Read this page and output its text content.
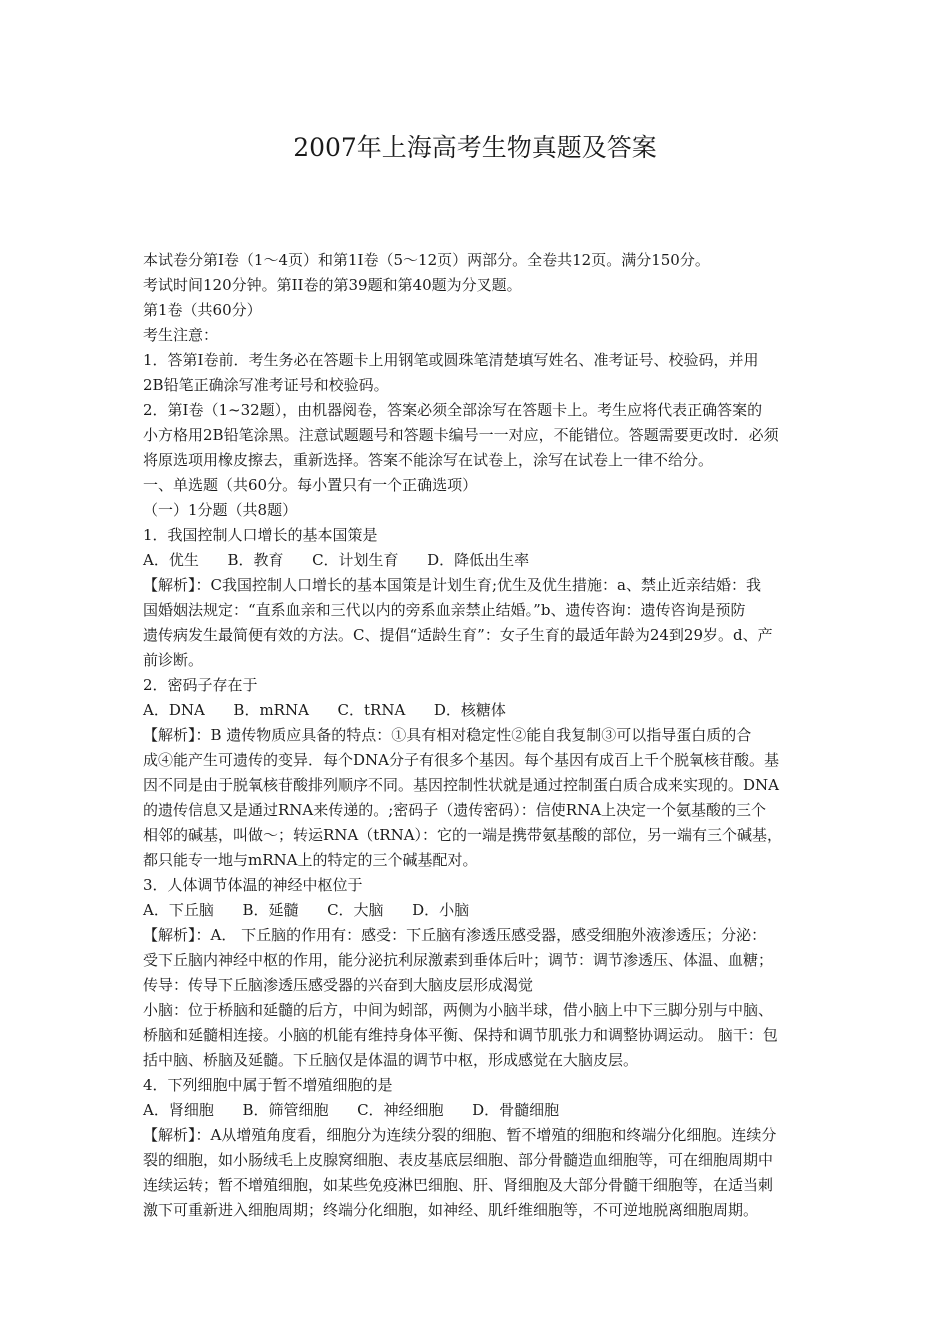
2007年上海高考生物真题及答案

本试卷分第Ⅰ卷（1～4页）和第1I卷（5～12页）两部分。全卷共12页。满分150分。

考试时间120分钟。第II卷的第39题和第40题为分叉题。

第1卷（共60分）

考生注意：

1．答第Ⅰ卷前．考生务必在答题卡上用钢笔或圆珠笔清楚填写姓名、准考证号、校验码，并用

2B铅笔正确涂写准考证号和校验码。

2．第Ⅰ卷（1~32题），由机器阅卷，答案必须全部涂写在答题卡上。考生应将代表正确答案的

小方格用2B铅笔涂黑。注意试题题号和答题卡编号一一对应，不能错位。答题需要更改时．必须

将原选项用橡皮擦去，重新选择。答案不能涂写在试卷上，涂写在试卷上一律不给分。

一、单选题（共60分。每小置只有一个正确选项）

（一）1分题（共8题）

1．我国控制人口增长的基本国策是

A．优生      B．教育      C．计划生育      D．降低出生率

【解析】：C我国控制人口增长的基本国策是计划生育;优生及优生措施：a、禁止近亲结婚：我

国婚姻法规定：“直系血亲和三代以内的旁系血亲禁止结婚。”b、遗传咨询：遗传咨询是预防

遗传病发生最简便有效的方法。C、提倡“适龄生育”：女子生育的最适年龄为24到29岁。d、产

前诊断。

2．密码子存在于

A．DNA      B．mRNA      C．tRNA      D．核糖体

【解析】：B 遗传物质应具备的特点：①具有相对稳定性②能自我复制③可以指导蛋白质的合

成④能产生可遗传的变异．每个DNA分子有很多个基因。每个基因有成百上千个脱氧核苷酸。基

因不同是由于脱氧核苷酸排列顺序不同。基因控制性状就是通过控制蛋白质合成来实现的。DNA

的遗传信息又是通过RNA来传递的。;密码子（遗传密码）：信使RNA上决定一个氨基酸的三个

相邻的碱基，叫做～；转运RNA（tRNA）：它的一端是携带氨基酸的部位，另一端有三个碱基，

都只能专一地与mRNA上的特定的三个碱基配对。

3．人体调节体温的神经中枢位于

A．下丘脑      B．延髓      C．大脑      D．小脑

【解析】：A． 下丘脑的作用有：感受：下丘脑有渗透压感受器，感受细胞外液渗透压；分泌：

受下丘脑内神经中枢的作用，能分泌抗利尿激素到垂体后叶；调节：调节渗透压、体温、血糖；

传导：传导下丘脑渗透压感受器的兴奋到大脑皮层形成渴觉

小脑：位于桥脑和延髓的后方，中间为蚓部，两侧为小脑半球，借小脑上中下三脚分别与中脑、

桥脑和延髓相连接。小脑的机能有维持身体平衡、保持和调节肌张力和调整协调运动。 脑干：包

括中脑、桥脑及延髓。下丘脑仅是体温的调节中枢，形成感觉在大脑皮层。

4．下列细胞中属于暂不增殖细胞的是

A．肾细胞      B．筛管细胞      C．神经细胞      D．骨髓细胞

【解析】：A从增殖角度看，细胞分为连续分裂的细胞、暂不增殖的细胞和终端分化细胞。连续分

裂的细胞，如小肠绒毛上皮腺窝细胞、表皮基底层细胞、部分骨髓造血细胞等，可在细胞周期中

连续运转；暂不增殖细胞，如某些免疫淋巴细胞、肝、肾细胞及大部分骨髓干细胞等，在适当刺

激下可重新进入细胞周期；终端分化细胞，如神经、肌纤维细胞等，不可逆地脱离细胞周期。
